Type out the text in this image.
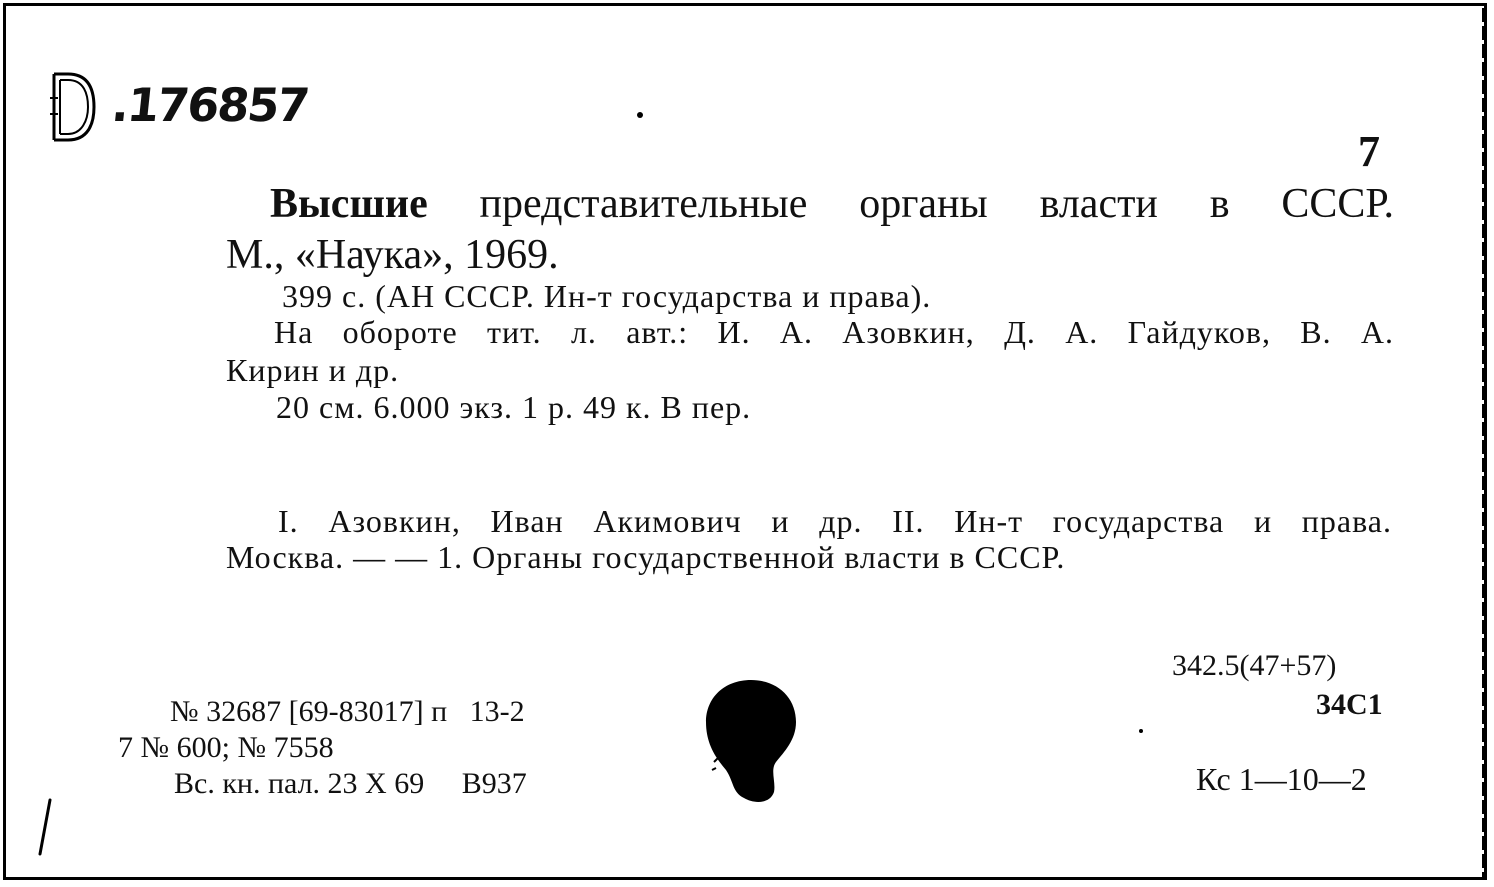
.176857
7
Высшие представительные органы власти в СССР.
М., «Наука», 1969.
399 с. (АН СССР. Ин-т государства и права).
На обороте тит. л. авт.: И. А. Азовкин, Д. А. Гайдуков, В. А.
Кирин и др.
20 см. 6.000 экз. 1 р. 49 к. В пер.
I. Азовкин, Иван Акимович и др. II. Ин-т государства и права.
Москва. — — 1. Органы государственной власти в СССР.
№ 32687 [69-83017] п   13-2
7 № 600; № 7558
Вс. кн. пал. 23 X 69     В937
342.5(47+57)
34С1
Кс 1—10—2
